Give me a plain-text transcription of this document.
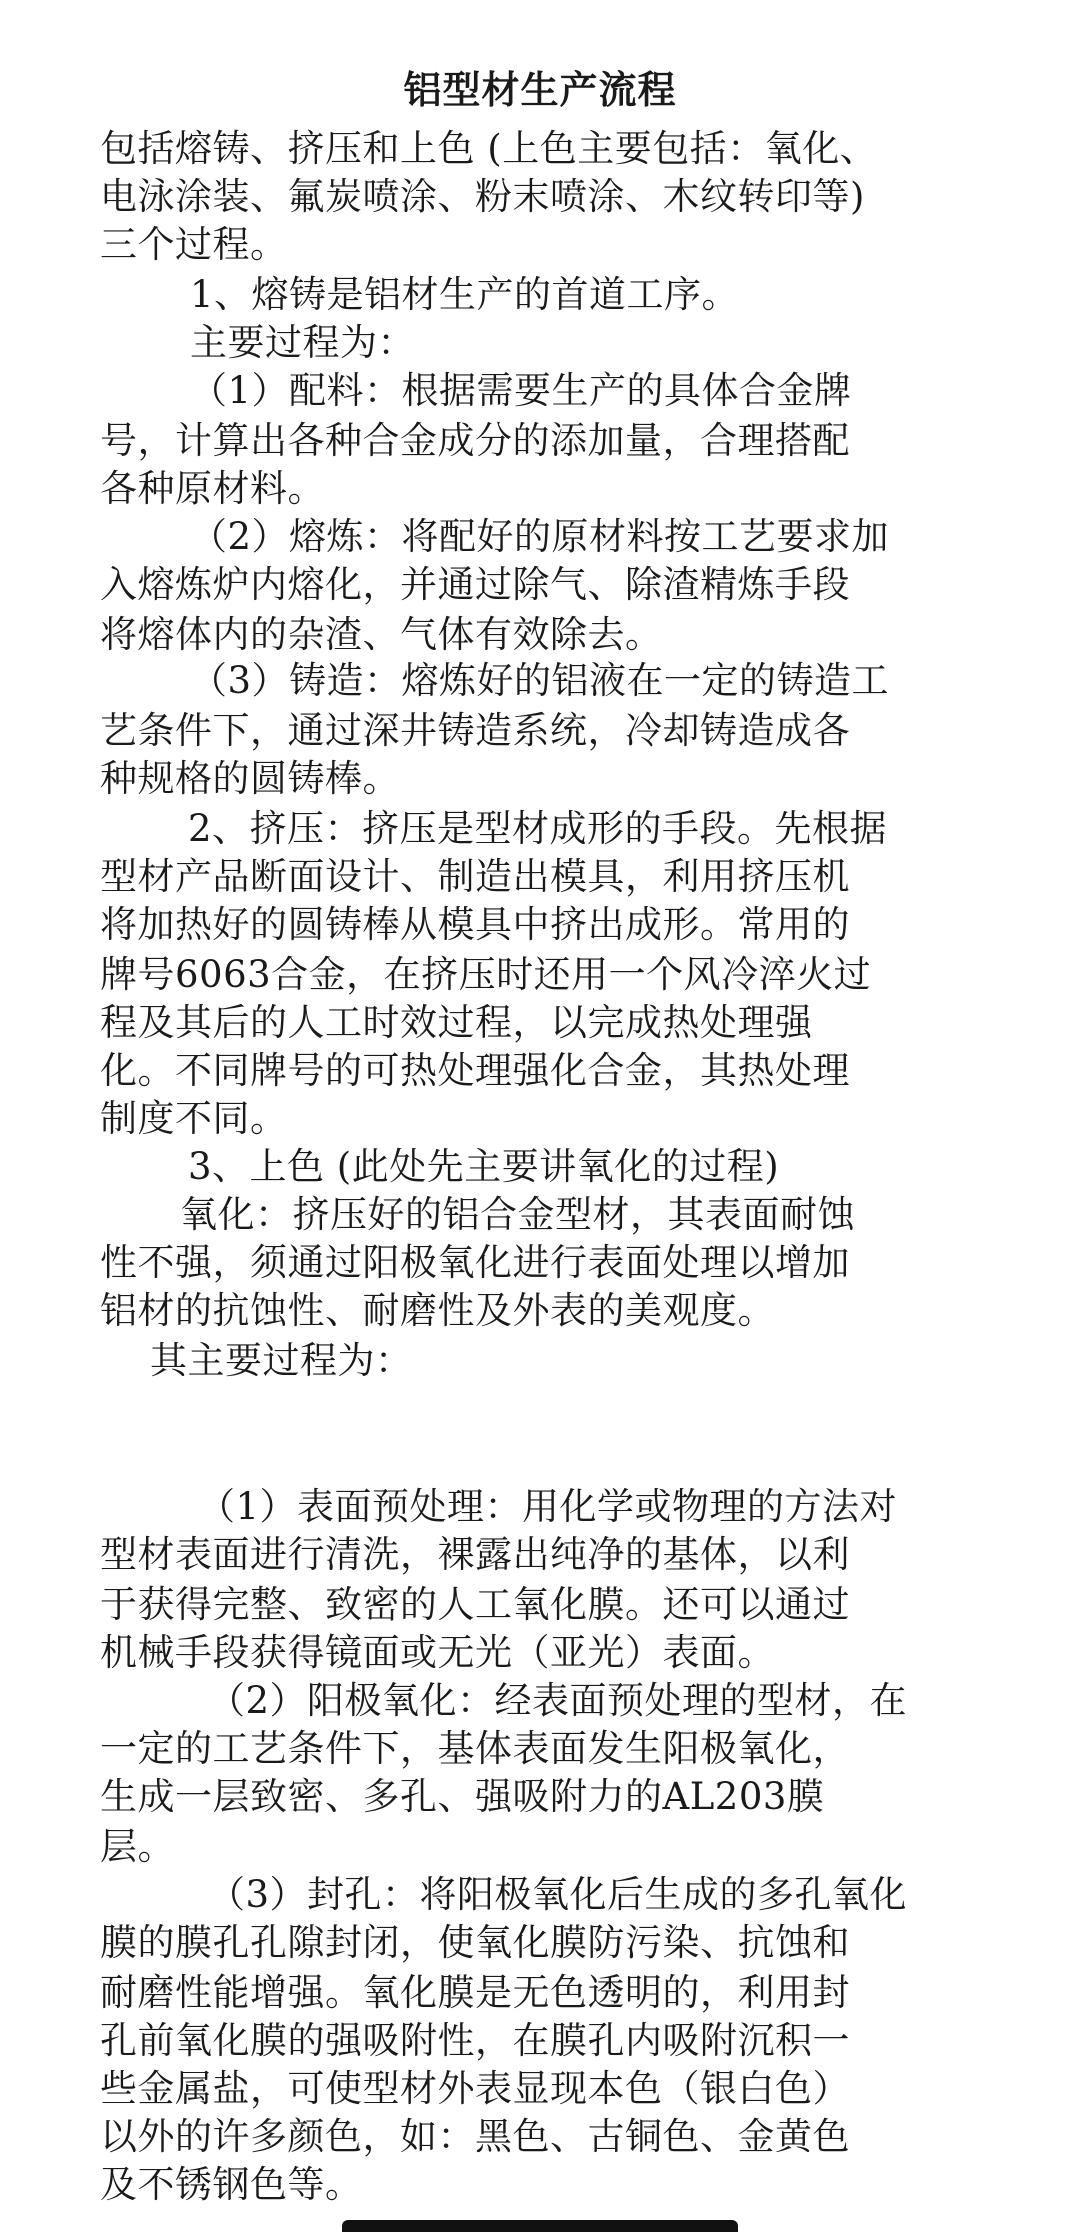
铝型材生产流程
包括熔铸、挤压和上色 (上色主要包括：氧化、
电泳涂装、氟炭喷涂、粉末喷涂、木纹转印等)
三个过程。
1、熔铸是铝材生产的首道工序。
主要过程为：
（1）配料：根据需要生产的具体合金牌
号，计算出各种合金成分的添加量，合理搭配
各种原材料。
（2）熔炼：将配好的原材料按工艺要求加
入熔炼炉内熔化，并通过除气、除渣精炼手段
将熔体内的杂渣、气体有效除去。
（3）铸造：熔炼好的铝液在一定的铸造工
艺条件下，通过深井铸造系统，冷却铸造成各
种规格的圆铸棒。
2、挤压：挤压是型材成形的手段。先根据
型材产品断面设计、制造出模具，利用挤压机
将加热好的圆铸棒从模具中挤出成形。常用的
牌号6063合金，在挤压时还用一个风冷淬火过
程及其后的人工时效过程，以完成热处理强
化。不同牌号的可热处理强化合金，其热处理
制度不同。
3、上色 (此处先主要讲氧化的过程)
氧化：挤压好的铝合金型材，其表面耐蚀
性不强，须通过阳极氧化进行表面处理以增加
铝材的抗蚀性、耐磨性及外表的美观度。
其主要过程为：
（1）表面预处理：用化学或物理的方法对
型材表面进行清洗，裸露出纯净的基体，以利
于获得完整、致密的人工氧化膜。还可以通过
机械手段获得镜面或无光（亚光）表面。
（2）阳极氧化：经表面预处理的型材，在
一定的工艺条件下，基体表面发生阳极氧化，
生成一层致密、多孔、强吸附力的AL203膜
层。
（3）封孔：将阳极氧化后生成的多孔氧化
膜的膜孔孔隙封闭，使氧化膜防污染、抗蚀和
耐磨性能增强。氧化膜是无色透明的，利用封
孔前氧化膜的强吸附性，在膜孔内吸附沉积一
些金属盐，可使型材外表显现本色（银白色）
以外的许多颜色，如：黑色、古铜色、金黄色
及不锈钢色等。
